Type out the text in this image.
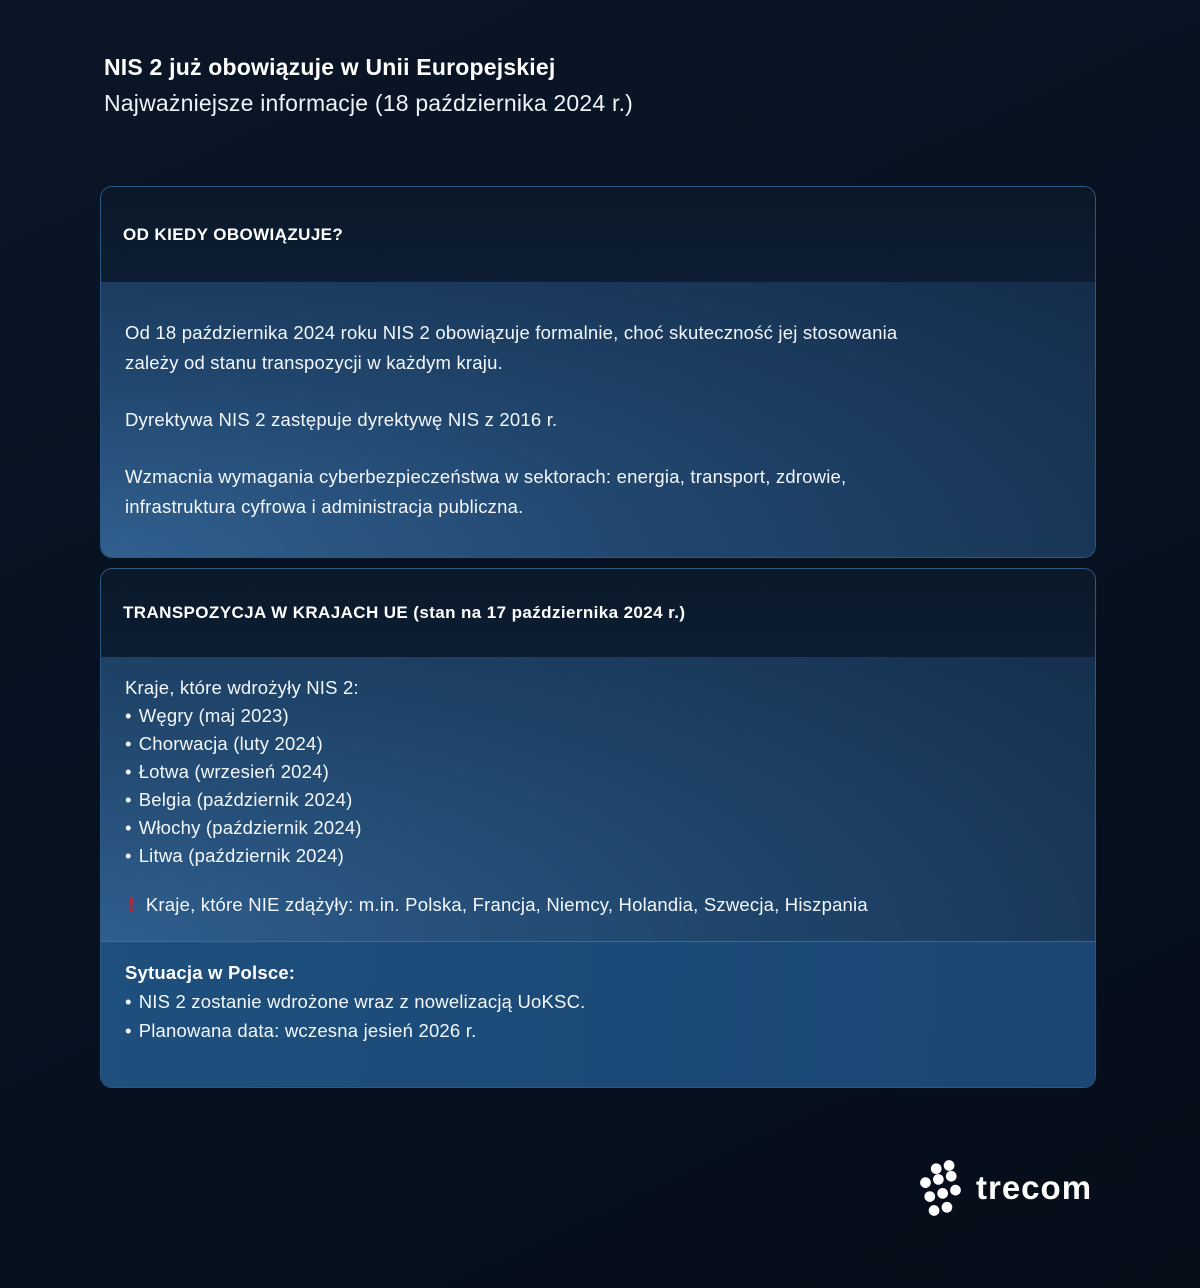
NIS 2 już obowiązuje w Unii Europejskiej

Najważniejsze informacje (18 października 2024 r.)

OD KIEDY OBOWIĄZUJE?

Od 18 października 2024 roku NIS 2 obowiązuje formalnie, choć skuteczność jej stosowania
zależy od stanu transpozycji w każdym kraju.

Dyrektywa NIS 2 zastępuje dyrektywę NIS z 2016 r.

Wzmacnia wymagania cyberbezpieczeństwa w sektorach: energia, transport, zdrowie,
infrastruktura cyfrowa i administracja publiczna.

TRANSPOZYCJA W KRAJACH UE (stan na 17 października 2024 r.)
Kraje, które wdrożyły NIS 2:
• Węgry (maj 2023)
• Chorwacja (luty 2024)
• Łotwa (wrzesień 2024)
• Belgia (październik 2024)
• Włochy (październik 2024)
• Litwa (październik 2024)
! Kraje, które NIE zdążyły: m.in. Polska, Francja, Niemcy, Holandia, Szwecja, Hiszpania
Sytuacja w Polsce:
• NIS 2 zostanie wdrożone wraz z nowelizacją UoKSC.
• Planowana data: wczesna jesień 2026 r.
trecom
